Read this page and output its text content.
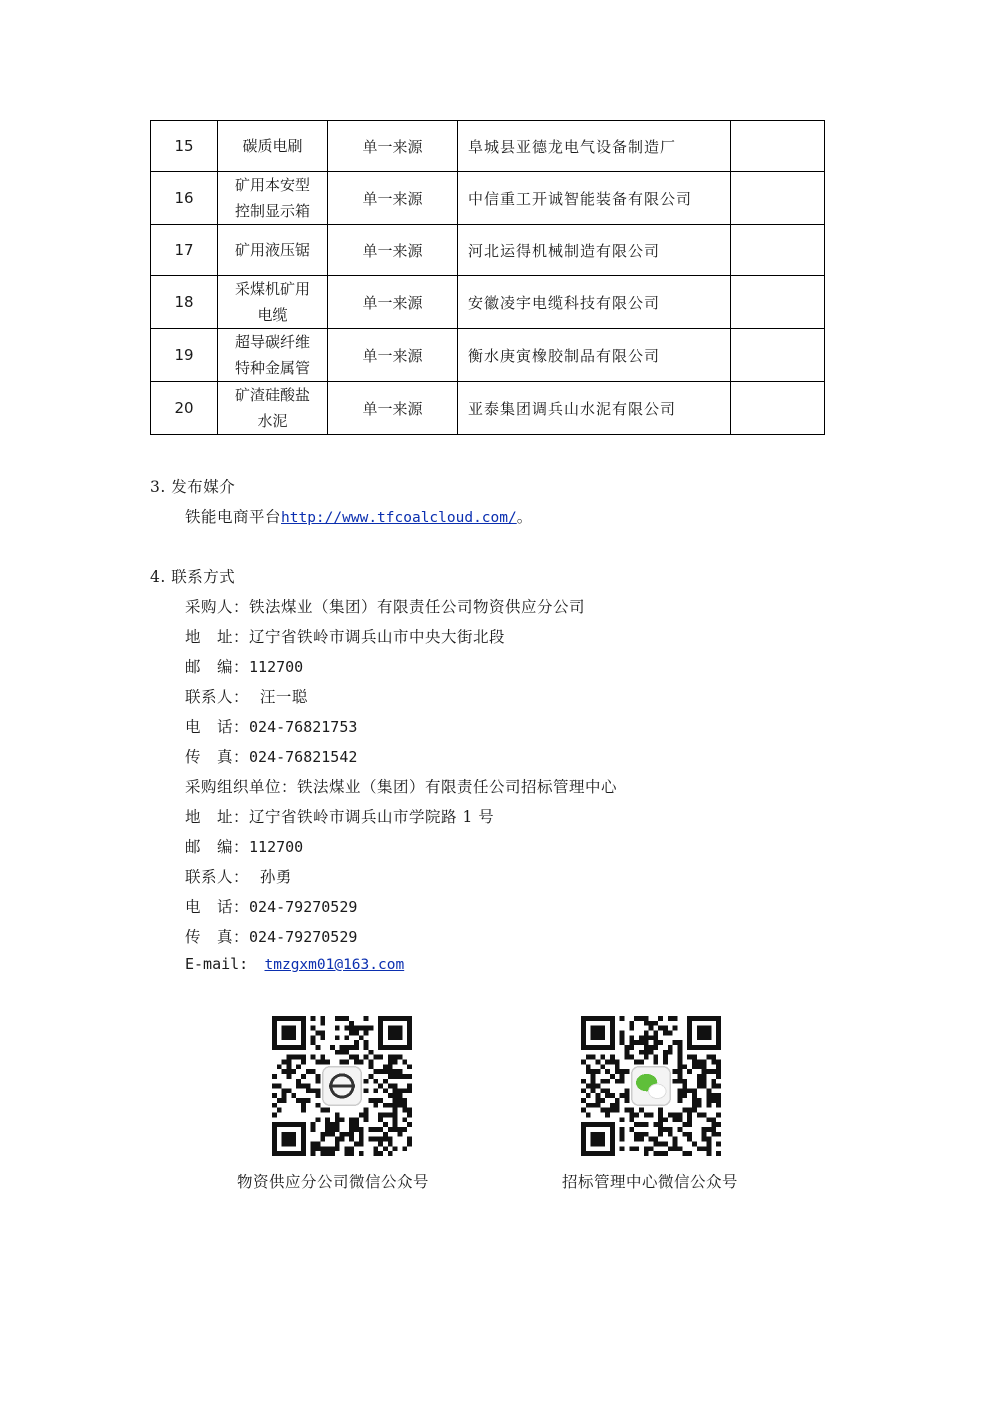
15	碳质电刷	单一来源	阜城县亚德龙电气设备制造厂	
16	矿用本安型控制显示箱	单一来源	中信重工开诚智能装备有限公司	
17	矿用液压锯	单一来源	河北运得机械制造有限公司	
18	采煤机矿用电缆	单一来源	安徽凌宇电缆科技有限公司	
19	超导碳纤维特种金属管	单一来源	衡水庚寅橡胶制品有限公司	
20	矿渣硅酸盐水泥	单一来源	亚泰集团调兵山水泥有限公司	
3. 发布媒介
铁能电商平台http://www.tfcoalcloud.com/。
4. 联系方式
采购人：铁法煤业（集团）有限责任公司物资供应分公司
地　址：辽宁省铁岭市调兵山市中央大街北段
邮　编：112700
联系人： 汪一聪
电　话：024-76821753
传　真：024-76821542
采购组织单位：铁法煤业（集团）有限责任公司招标管理中心
地　址：辽宁省铁岭市调兵山市学院路 1 号
邮　编：112700
联系人： 孙勇
电　话：024-79270529
传　真：024-79270529
E-mail: tmzgxm01@163.com
物资供应分公司微信公众号	招标管理中心微信公众号
